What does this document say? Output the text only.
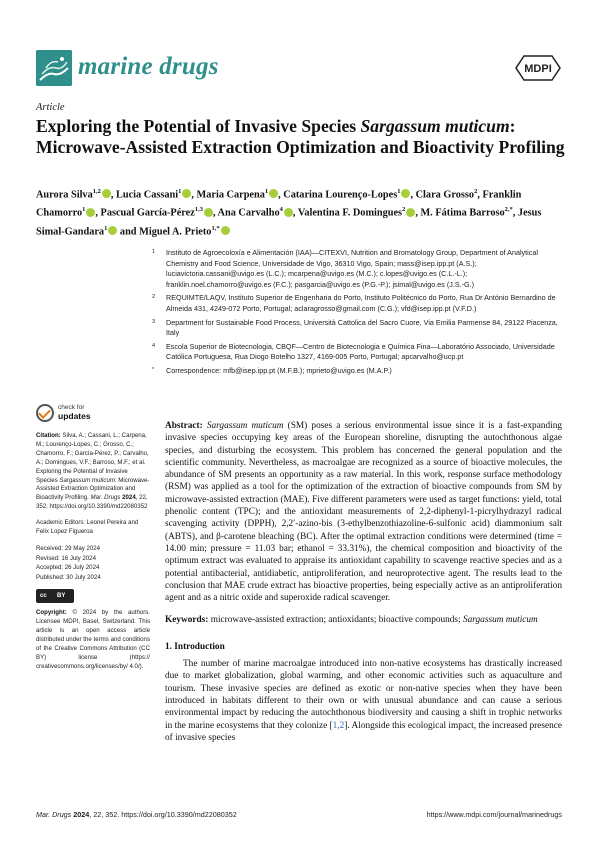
marine drugs	MDPI
Article
Exploring the Potential of Invasive Species Sargassum muticum: Microwave-Assisted Extraction Optimization and Bioactivity Profiling
Aurora Silva$^{1,2}$ , Lucia Cassani$^1$ , Maria Carpena$^1$ , Catarina Lourenço-Lopes$^1$ , Clara Grosso$^2$, Franklin Chamorro$^1$ , Pascual García-Pérez$^{1,3}$ , Ana Carvalho$^4$ , Valentina F. Domingues$^2$ , M. Fátima Barroso$^{2,*}$, Jesus Simal-Gandara$^1$ and Miguel A. Prieto$^{1,*}$
1 Instituto de Agroecoloxía e Alimentación (IAA)—CITEXVI, Nutrition and Bromatology Group, Department of Analytical Chemistry and Food Science, Universidade de Vigo, 36310 Vigo, Spain; mass@isep.ipp.pt (A.S.); luciavictoria.cassani@uvigo.es (L.C.); mcarpena@uvigo.es (M.C.); c.lopes@uvigo.es (C.L.-L.); franklin.noel.chamorro@uvigo.es (F.C.); pasgarcia@uvigo.es (P.G.-P.); jsimal@uvigo.es (J.S.-G.)
2 REQUIMTE/LAQV, Instituto Superior de Engenharia do Porto, Instituto Politécnico do Porto, Rua Dr António Bernardino de Almeida 431, 4249-072 Porto, Portugal; aclaragrosso@gmail.com (C.G.); vfd@isep.ipp.pt (V.F.D.)
3 Department for Sustainable Food Process, Università Cattolica del Sacro Cuore, Via Emilia Parmense 84, 29122 Piacenza, Italy
4 Escola Superior de Biotecnologia, CBQF—Centro de Biotecnologia e Química Fina—Laboratório Associado, Universidade Católica Portuguesa, Rua Diogo Botelho 1327, 4169-005 Porto, Portugal; apcarvalho@ucp.pt
* Correspondence: mfb@isep.ipp.pt (M.F.B.); mprieto@uvigo.es (M.A.P.)
check for
updates

Citation: Silva, A.; Cassani, L.; Carpena, M.; Lourenço-Lopes, C.; Grosso, C.; Chamorro, F.; García-Pérez, P.; Carvalho, A.; Domingues, V.F.; Barroso, M.F.; et al. Exploring the Potential of Invasive Species Sargassum muticum: Microwave-Assisted Extraction Optimization and Bioactivity Profiling. Mar. Drugs 2024, 22, 352. https://doi.org/10.3390/md22080352

Academic Editors: Leonel Pereira and Felix Lopez Figueroa

Received: 29 May 2024
Revised: 16 July 2024
Accepted: 26 July 2024
Published: 30 July 2024

cc BY

Copyright: © 2024 by the authors. Licensee MDPI, Basel, Switzerland. This article is an open access article distributed under the terms and conditions of the Creative Commons Attribution (CC BY) license (https:// creativecommons.org/licenses/by/ 4.0/).

Abstract: Sargassum muticum (SM) poses a serious environmental issue since it is a fast-expanding invasive species occupying key areas of the European shoreline, disrupting the autochthonous algae species, and disturbing the ecosystem. This problem has concerned the general population and the scientific community. Nevertheless, as macroalgae are recognized as a source of bioactive molecules, the abundance of SM presents an opportunity as a raw material. In this work, response surface methodology (RSM) was applied as a tool for the optimization of the extraction of bioactive compounds from SM by microwave-assisted extraction (MAE). Five different parameters were used as target functions: yield, total phenolic content (TPC); and the antioxidant measurements of 2,2-diphenyl-1-picrylhydrazyl radical scavenging activity (DPPH), 2,2′-azino-bis (3-ethylbenzothiazoline-6-sulfonic acid) diammonium salt (ABTS), and β-carotene bleaching (BC). After the optimal extraction conditions were determined (time = 14.00 min; pressure = 11.03 bar; ethanol = 33.31%), the chemical composition and bioactivity of the optimum extract was evaluated to appraise its antioxidant capability to scavenge reactive species and as a potential antibacterial, antidiabetic, antiproliferation, and neuroprotective agent. The results lead to the conclusion that MAE crude extract has bioactive properties, being especially active as an antiproliferation agent and as a nitric oxide and superoxide radical scavenger.
Keywords: microwave-assisted extraction; antioxidants; bioactive compounds; Sargassum muticum
1. Introduction
The number of marine macroalgae introduced into non-native ecosystems has drastically increased due to market globalization, global warming, and other economic activities such as aquaculture and tourism. These invasive species are defined as exotic or non-native species when they have been introduced in habitats different to their own or with unusual abundance and can cause a serious environmental impact by reducing the autochthonous biodiversity and causing a shift in trophic networks in the marine ecosystems that they colonize [1,2]. Alongside this ecological impact, the increased presence of invasive species
Mar. Drugs 2024, 22, 352. https://doi.org/10.3390/md22080352	https://www.mdpi.com/journal/marinedrugs
